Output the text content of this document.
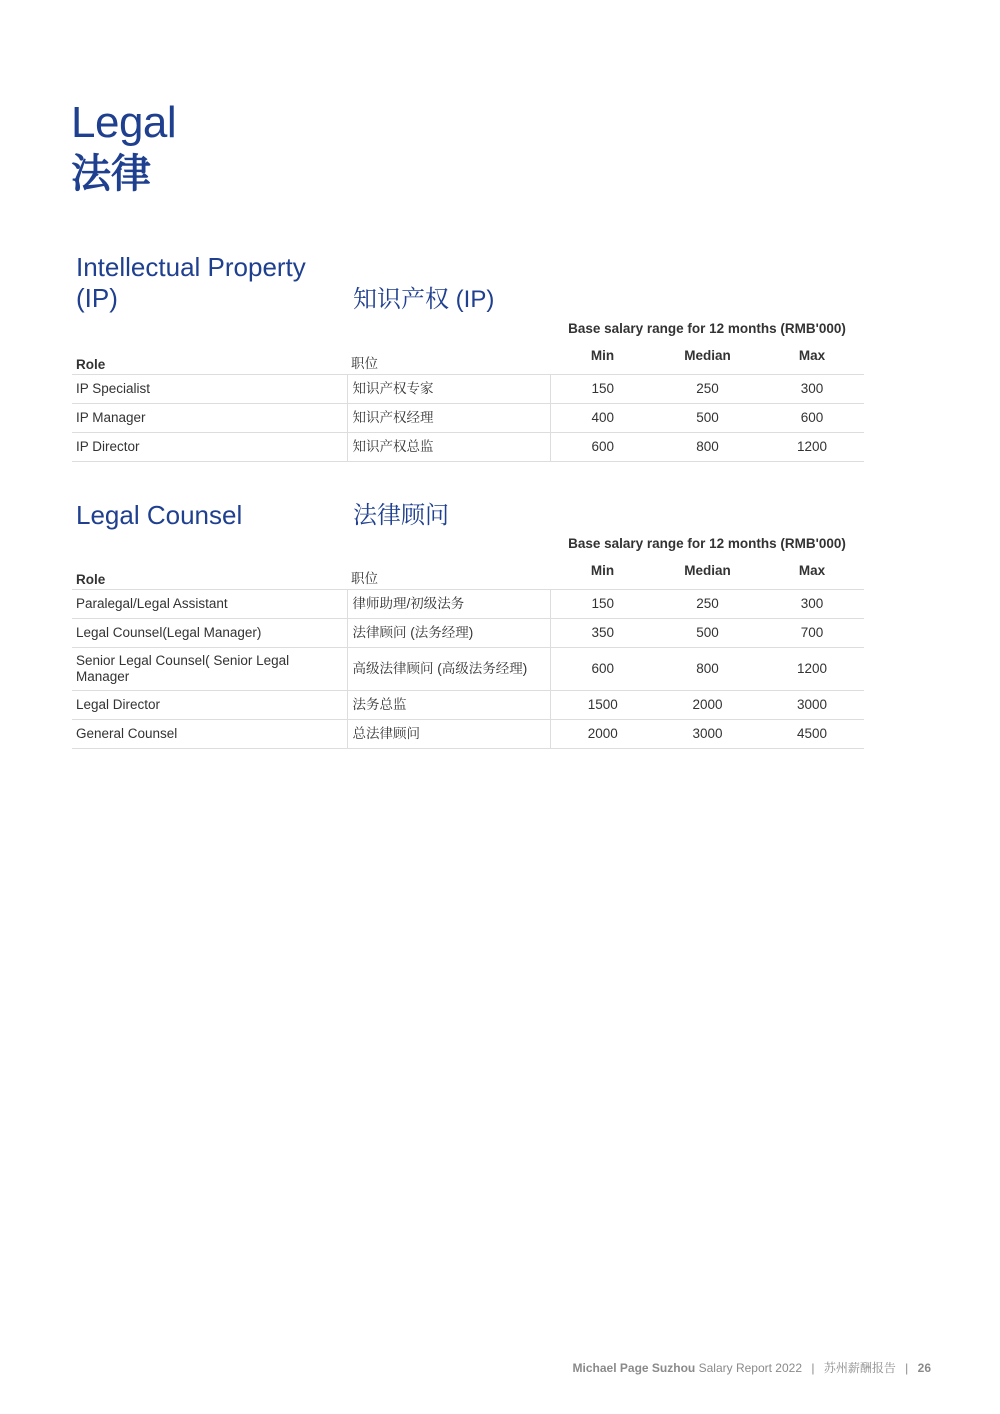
Legal
法律
Intellectual Property (IP)	知识产权 (IP)
Base salary range for 12 months (RMB'000)
Role	职位	Min	Median	Max
IP Specialist	知识产权专家	150	250	300
IP Manager	知识产权经理	400	500	600
IP Director	知识产权总监	600	800	1200
Legal Counsel	法律顾问
Base salary range for 12 months (RMB'000)
Role	职位	Min	Median	Max
Paralegal/Legal Assistant	律师助理/初级法务	150	250	300
Legal Counsel(Legal Manager)	法律顾问 (法务经理)	350	500	700
Senior Legal Counsel( Senior Legal Manager	高级法律顾问 (高级法务经理)	600	800	1200
Legal Director	法务总监	1500	2000	3000
General Counsel	总法律顾问	2000	3000	4500
Michael Page Suzhou Salary Report 2022 | 苏州薪酬报告 | 26
